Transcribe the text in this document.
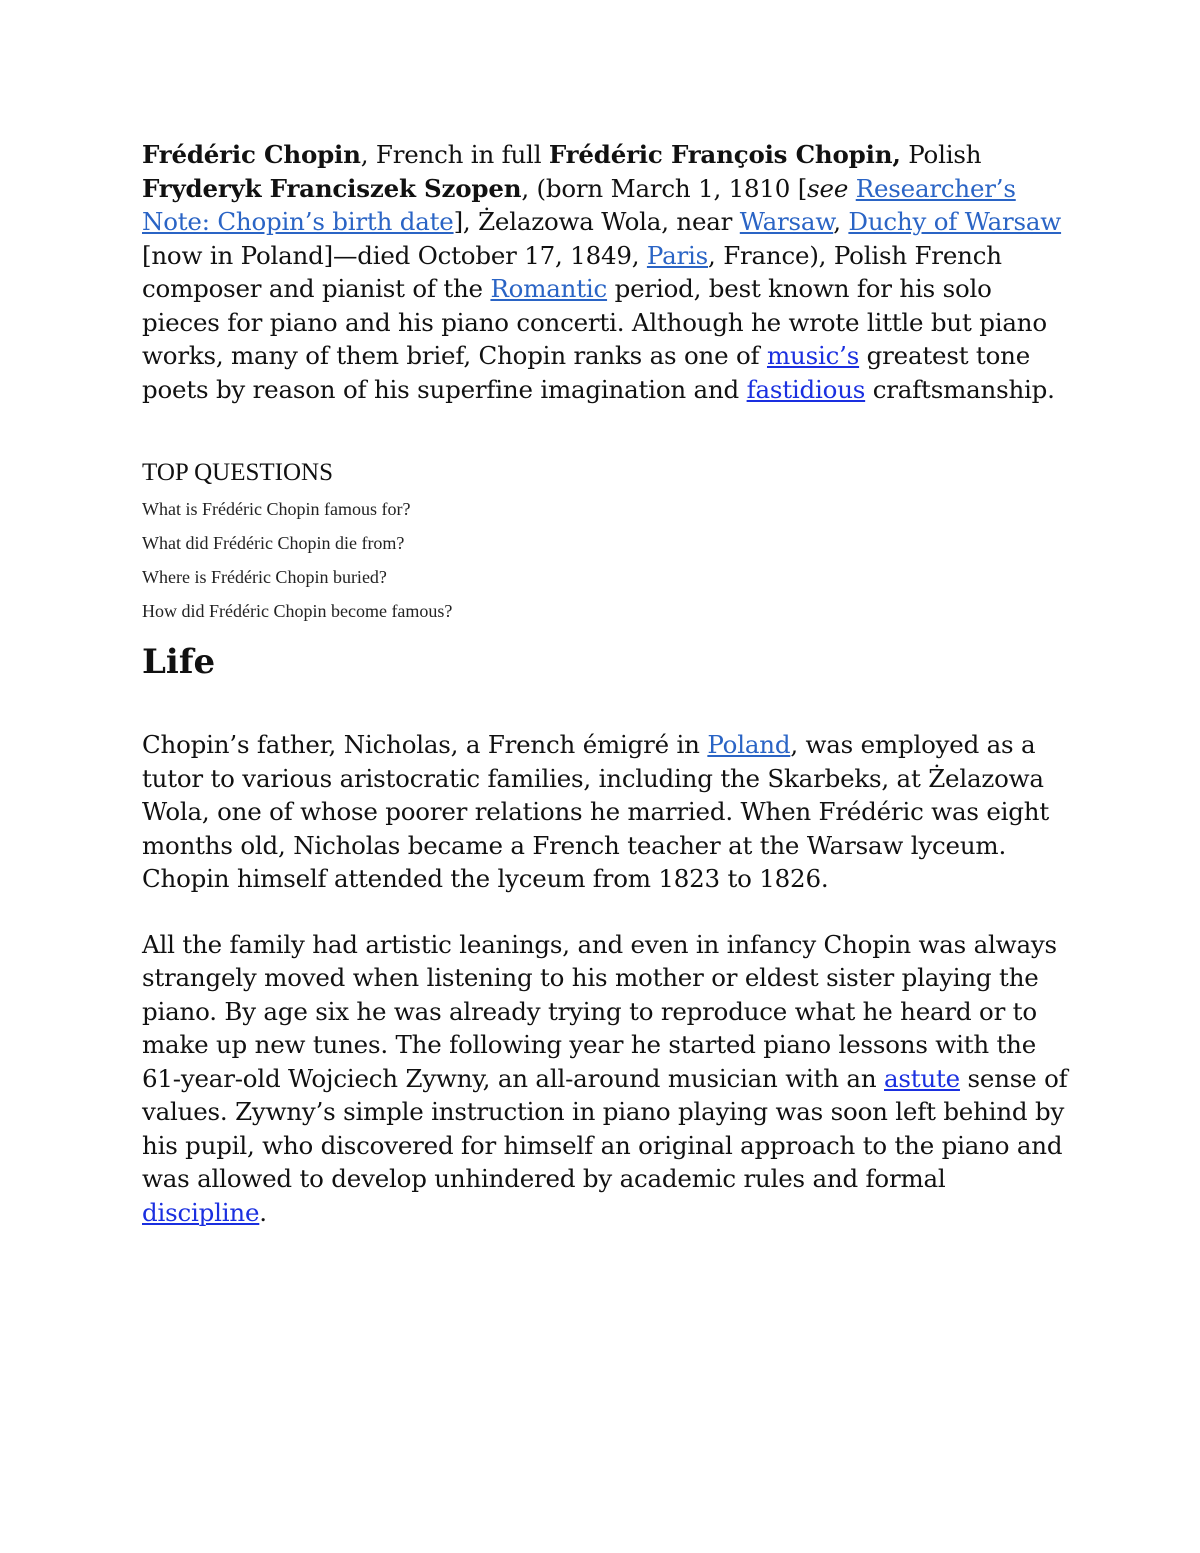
Frédéric Chopin, French in full Frédéric François Chopin, Polish Fryderyk Franciszek Szopen, (born March 1, 1810 [see Researcher’s Note: Chopin’s birth date], Żelazowa Wola, near Warsaw, Duchy of Warsaw [now in Poland]—died October 17, 1849, Paris, France), Polish French composer and pianist of the Romantic period, best known for his solo pieces for piano and his piano concerti. Although he wrote little but piano works, many of them brief, Chopin ranks as one of music’s greatest tone poets by reason of his superfine imagination and fastidious craftsmanship.

TOP QUESTIONS
What is Frédéric Chopin famous for?
What did Frédéric Chopin die from?
Where is Frédéric Chopin buried?
How did Frédéric Chopin become famous?
Life

Chopin’s father, Nicholas, a French émigré in Poland, was employed as a tutor to various aristocratic families, including the Skarbeks, at Żelazowa Wola, one of whose poorer relations he married. When Frédéric was eight months old, Nicholas became a French teacher at the Warsaw lyceum. Chopin himself attended the lyceum from 1823 to 1826.

All the family had artistic leanings, and even in infancy Chopin was always strangely moved when listening to his mother or eldest sister playing the piano. By age six he was already trying to reproduce what he heard or to make up new tunes. The following year he started piano lessons with the 61-year-old Wojciech Zywny, an all-around musician with an astute sense of values. Zywny’s simple instruction in piano playing was soon left behind by his pupil, who discovered for himself an original approach to the piano and was allowed to develop unhindered by academic rules and formal discipline.
